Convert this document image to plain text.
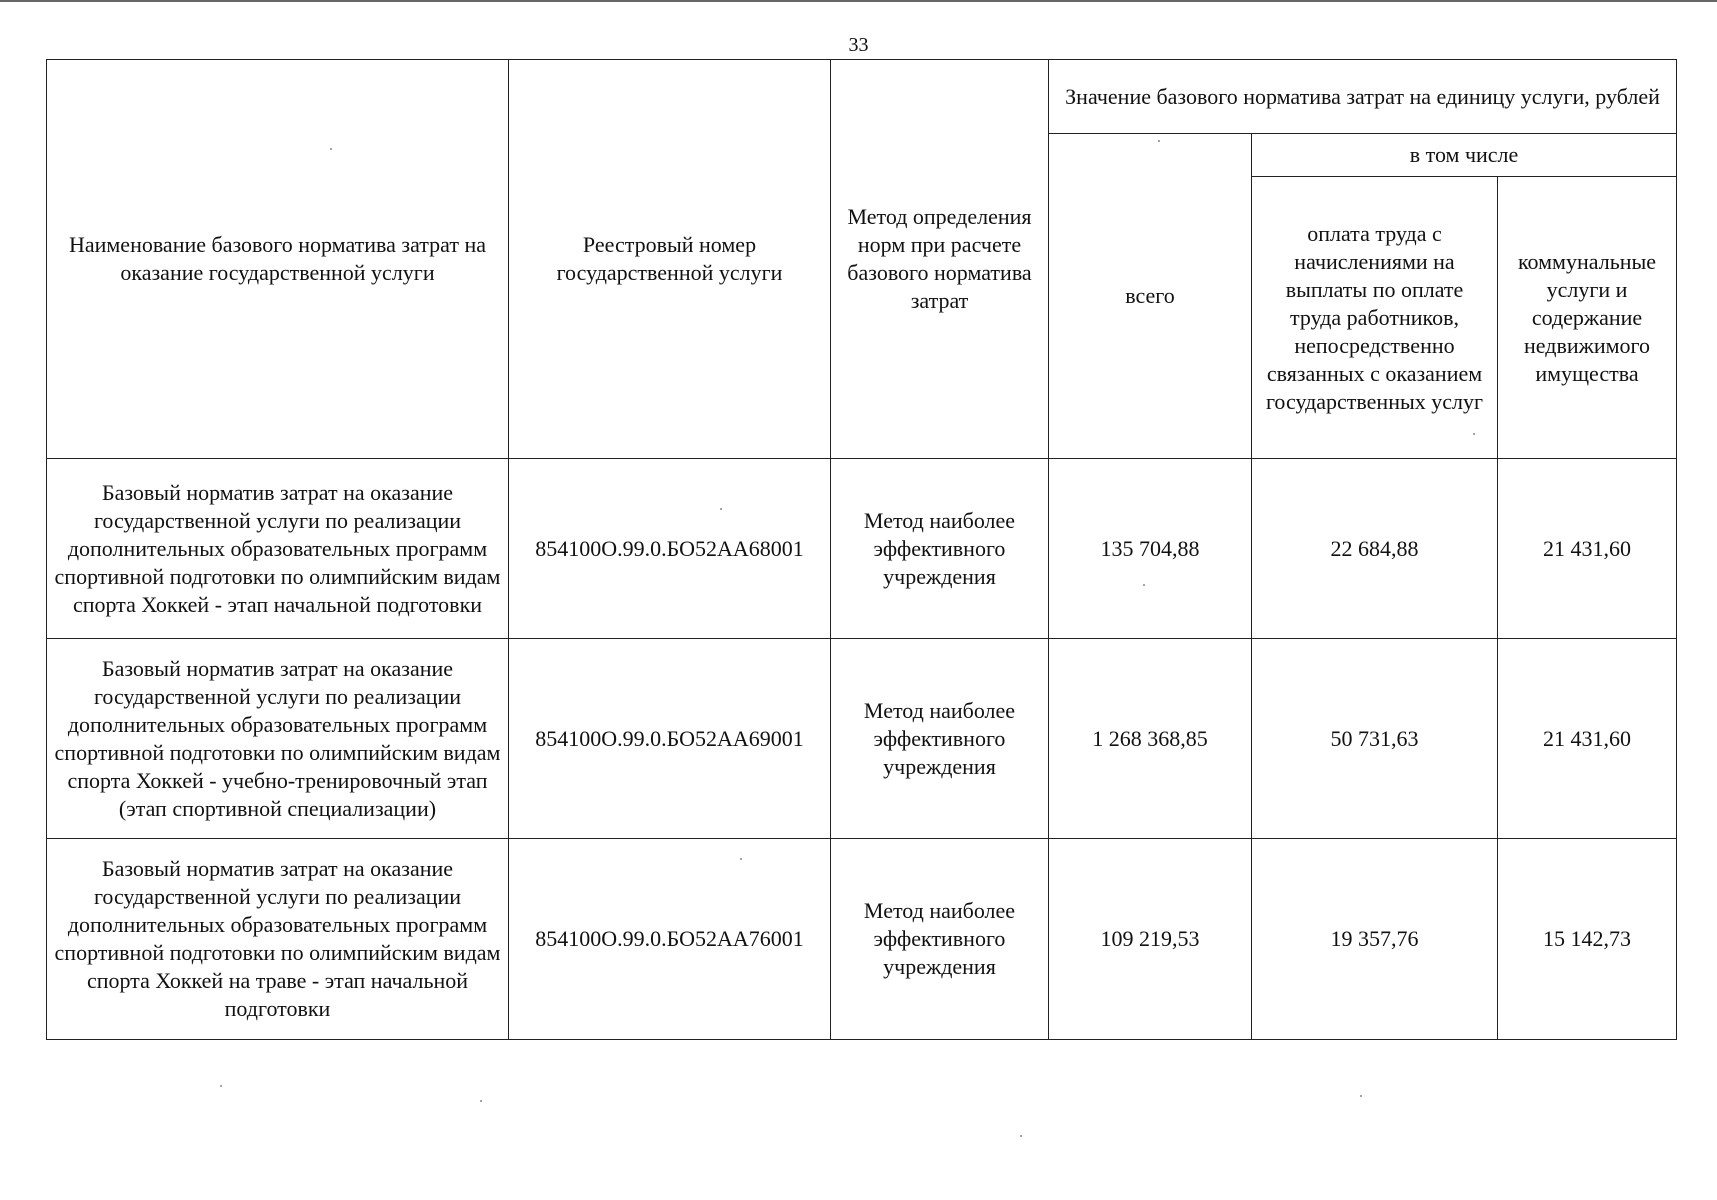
33
Наименование базового норматива затрат на оказание государственной услуги	Реестровый номер государственной услуги	Метод определения норм при расчете базового норматива затрат	Значение базового норматива затрат на единицу услуги, рублей		
			всего	в том числе	
				оплата труда с начислениями на выплаты по оплате труда работников, непосредственно связанных с оказанием государственных услуг	коммунальные услуги и содержание недвижимого имущества
Базовый норматив затрат на оказание государственной услуги по реализации дополнительных образовательных программ спортивной подготовки по олимпийским видам спорта Хоккей - этап начальной подготовки	854100О.99.0.БО52АА68001	Метод наиболее эффективного учреждения	135 704,88	22 684,88	21 431,60
Базовый норматив затрат на оказание государственной услуги по реализации дополнительных образовательных программ спортивной подготовки по олимпийским видам спорта Хоккей - учебно-тренировочный этап (этап спортивной специализации)	854100О.99.0.БО52АА69001	Метод наиболее эффективного учреждения	1 268 368,85	50 731,63	21 431,60
Базовый норматив затрат на оказание государственной услуги по реализации дополнительных образовательных программ спортивной подготовки по олимпийским видам спорта Хоккей на траве - этап начальной подготовки	854100О.99.0.БО52АА76001	Метод наиболее эффективного учреждения	109 219,53	19 357,76	15 142,73
